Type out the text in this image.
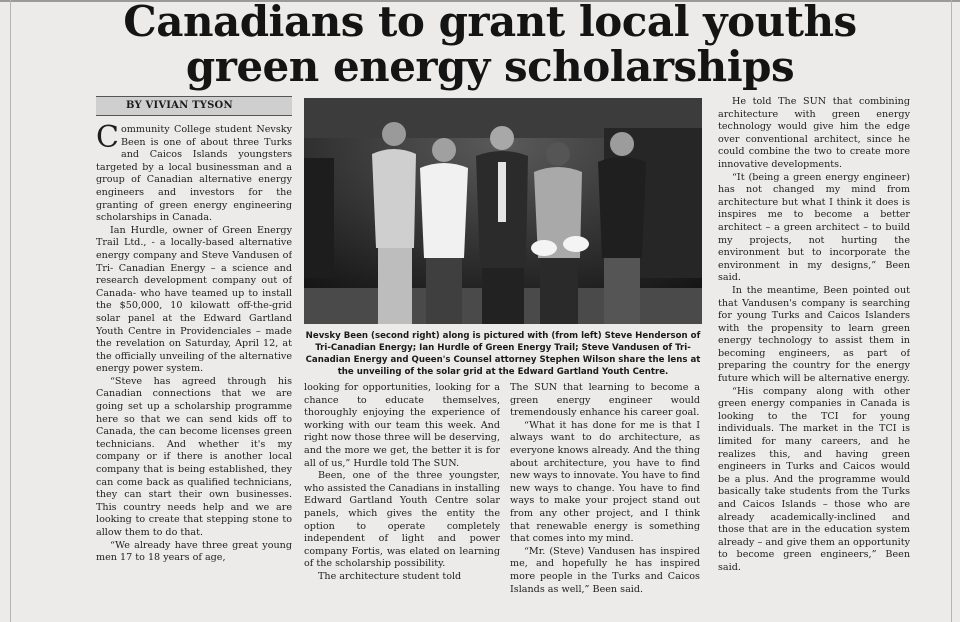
Canadians to grant local youths
green energy scholarships
BY VIVIAN TYSON

Community College student Nevsky Been is one of about three Turks and Caicos Islands youngsters targeted by a local businessman and a group of Canadian alternative energy engineers and investors for the granting of green energy engineering scholarships in Canada.

Ian Hurdle, owner of Green Energy Trail Ltd., - a locally-based alternative energy company and Steve Vandusen of Tri- Canadian Energy – a science and research development company out of Canada- who have teamed up to install the $50,000, 10 kilowatt off-the-grid solar panel at the Edward Gartland Youth Centre in Providenciales – made the revelation on Saturday, April 12, at the officially unveiling of the alternative energy power system.

“Steve has agreed through his Canadian connections that we are going set up a scholarship programme here so that we can send kids off to Canada, the can become licenses green technicians. And whether it's my company or if there is another local company that is being established, they can come back as qualified technicians, they can start their own businesses. This country needs help and we are looking to create that stepping stone to allow them to do that.

“We already have three great young men 17 to 18 years of age,

Nevsky Been (second right) along is pictured with (from left) Steve Henderson of Tri-Canadian Energy; Ian Hurdle of Green Energy Trail; Steve Vandusen of Tri- Canadian Energy and Queen's Counsel attorney Stephen Wilson share the lens at the unveiling of the solar grid at the Edward Gartland Youth Centre.

looking for opportunities, looking for a chance to educate themselves, thoroughly enjoying the experience of working with our team this week. And right now those three will be deserving, and the more we get, the better it is for all of us,” Hurdle told The SUN.

Been, one of the three youngster, who assisted the Canadians in installing Edward Gartland Youth Centre solar panels, which gives the entity the option to operate completely independent of light and power company Fortis, was elated on learning of the scholarship possibility.

The architecture student told

The SUN that learning to become a green energy engineer would tremendously enhance his career goal.

“What it has done for me is that I always want to do architecture, as everyone knows already. And the thing about architecture, you have to find new ways to innovate. You have to find new ways to change. You have to find ways to make your project stand out from any other project, and I think that renewable energy is something that comes into my mind.

“Mr. (Steve) Vandusen has inspired me, and hopefully he has inspired more people in the Turks and Caicos Islands as well,” Been said.

He told The SUN that combining architecture with green energy technology would give him the edge over conventional architect, since he could combine the two to create more innovative developments.

“It (being a green energy engineer) has not changed my mind from architecture but what I think it does is inspires me to become a better architect – a green architect – to build my projects, not hurting the environment but to incorporate the environment in my designs,” Been said.

In the meantime, Been pointed out that Vandusen's company is searching for young Turks and Caicos Islanders with the propensity to learn green energy technology to assist them in becoming engineers, as part of preparing the country for the energy future which will be alternative energy.

“His company along with other green energy companies in Canada is looking to the TCI for young individuals. The market in the TCI is limited for many careers, and he realizes this, and having green engineers in Turks and Caicos would be a plus. And the programme would basically take students from the Turks and Caicos Islands – those who are already academically-inclined and those that are in the education system already – and give them an opportunity to become green engineers,” Been said.
